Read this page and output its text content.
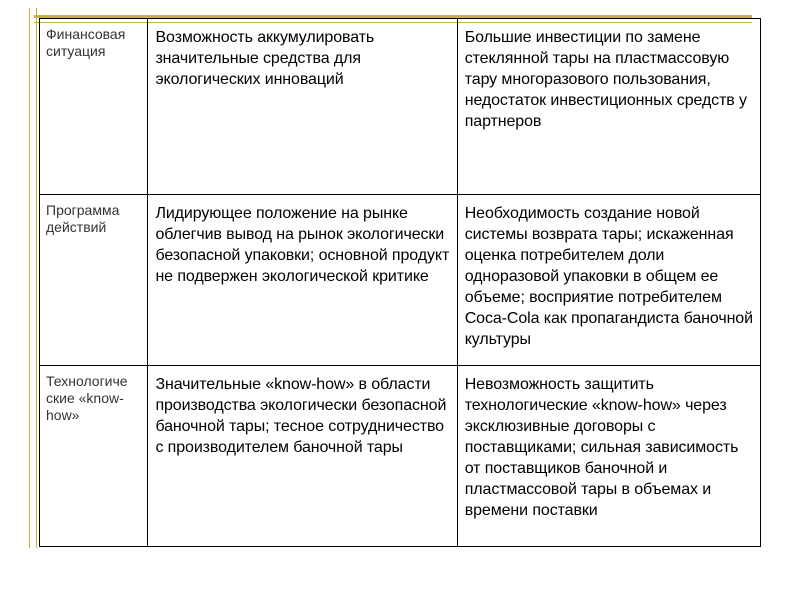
Финансовая ситуация	Возможность аккумулировать значительные средства для экологических инноваций	Большие инвестиции по замене стеклянной тары на пластмассовую тару многоразового пользования, недостаток инвестиционных средств у партнеров

Программа действий	Лидирующее положение на рынке облегчив вывод на рынок экологически безопасной упаковки; основной продукт не подвержен экологической критике	Необходимость создание новой системы возврата тары; искаженная оценка потребителем доли одноразовой упаковки в общем ее объеме; восприятие потребителем Coca-Cola как пропагандиста баночной культуры

Технологиче ские «know-how»	Значительные «know-how» в области производства экологически безопасной баночной тары; тесное сотрудничество с производителем баночной тары	Невозможность защитить технологические «know-how» через эксклюзивные договоры с поставщиками; сильная зависимость от поставщиков баночной и пластмассовой тары в объемах и времени поставки
